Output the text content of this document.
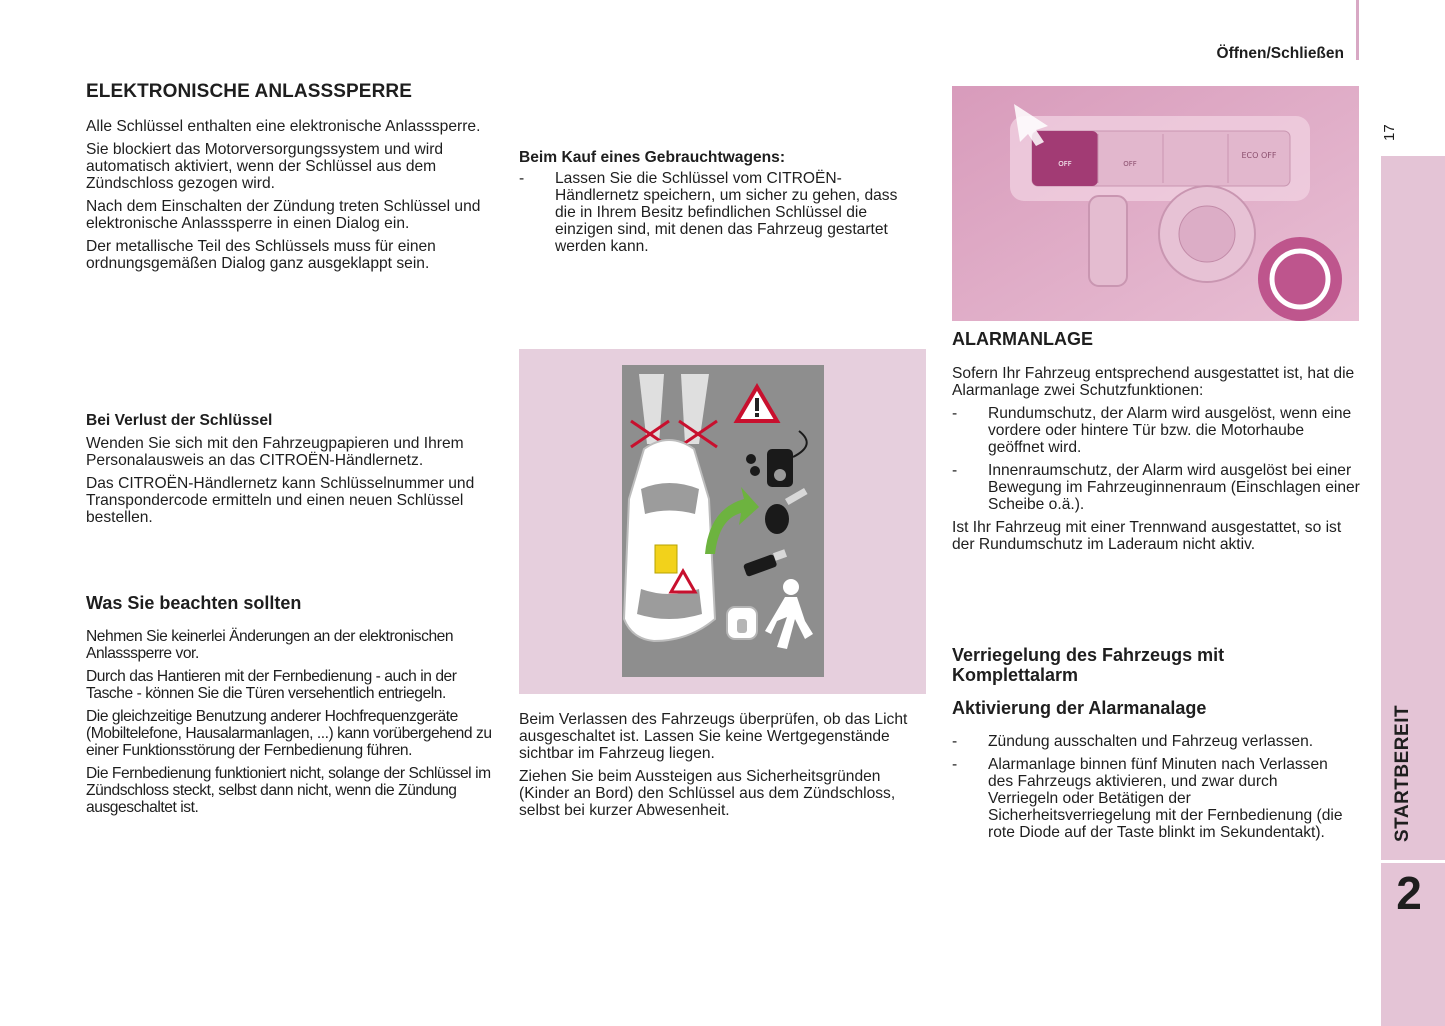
Öffnen/Schließen
17
STARTBEREIT
2
ELEKTRONISCHE ANLASSSPERRE

Alle Schlüssel enthalten eine elektronische Anlasssperre.

Sie blockiert das Motorversorgungssystem und wird automatisch aktiviert, wenn der Schlüssel aus dem Zündschloss gezogen wird.

Nach dem Einschalten der Zündung treten Schlüssel und elektronische Anlasssperre in einen Dialog ein.

Der metallische Teil des Schlüssels muss für einen ordnungsgemäßen Dialog ganz ausgeklappt sein.

Bei Verlust der Schlüssel

Wenden Sie sich mit den Fahrzeugpapieren und Ihrem Personalausweis an das CITROËN-Händlernetz.

Das CITROËN-Händlernetz kann Schlüsselnummer und Transpondercode ermitteln und einen neuen Schlüssel bestellen.

Was Sie beachten sollten

Nehmen Sie keinerlei Änderungen an der elektronischen Anlasssperre vor.

Durch das Hantieren mit der Fernbedienung - auch in der Tasche - können Sie die Türen versehentlich entriegeln.

Die gleichzeitige Benutzung anderer Hochfrequenzgeräte (Mobiltelefone, Hausalarmanlagen, ...) kann vorübergehend zu einer Funktionsstörung der Fernbedienung führen.

Die Fernbedienung funktioniert nicht, solange der Schlüssel im Zündschloss steckt, selbst dann nicht, wenn die Zündung ausgeschaltet ist.

Beim Kauf eines Gebrauchtwagens:
-	Lassen Sie die Schlüssel vom CITROËN-Händlernetz speichern, um sicher zu gehen, dass die in Ihrem Besitz befindlichen Schlüssel die einzigen sind, mit denen das Fahrzeug gestartet werden kann.

Beim Verlassen des Fahrzeugs überprüfen, ob das Licht ausgeschaltet ist. Lassen Sie keine Wertgegenstände sichtbar im Fahrzeug liegen.

Ziehen Sie beim Aussteigen aus Sicherheitsgründen (Kinder an Bord) den Schlüssel aus dem Zündschloss, selbst bei kurzer Abwesenheit.

OFF	OFF
ECO OFF
ALARMANLAGE

Sofern Ihr Fahrzeug entsprechend ausgestattet ist, hat die Alarmanlage zwei Schutzfunktionen:

-	Rundumschutz, der Alarm wird ausgelöst, wenn eine vordere oder hintere Tür bzw. die Motorhaube geöffnet wird.
-	Innenraumschutz, der Alarm wird ausgelöst bei einer Bewegung im Fahrzeuginnenraum (Einschlagen einer Scheibe o.ä.).

Ist Ihr Fahrzeug mit einer Trennwand ausgestattet, so ist der Rundumschutz im Laderaum nicht aktiv.

Verriegelung des Fahrzeugs mit Komplettalarm
Aktivierung der Alarmanalage
-	Zündung ausschalten und Fahrzeug verlassen.
-	Alarmanlage binnen fünf Minuten nach Verlassen des Fahrzeugs aktivieren, und zwar durch Verriegeln oder Betätigen der Sicherheitsverriegelung mit der Fernbedienung (die rote Diode auf der Taste blinkt im Sekundentakt).
